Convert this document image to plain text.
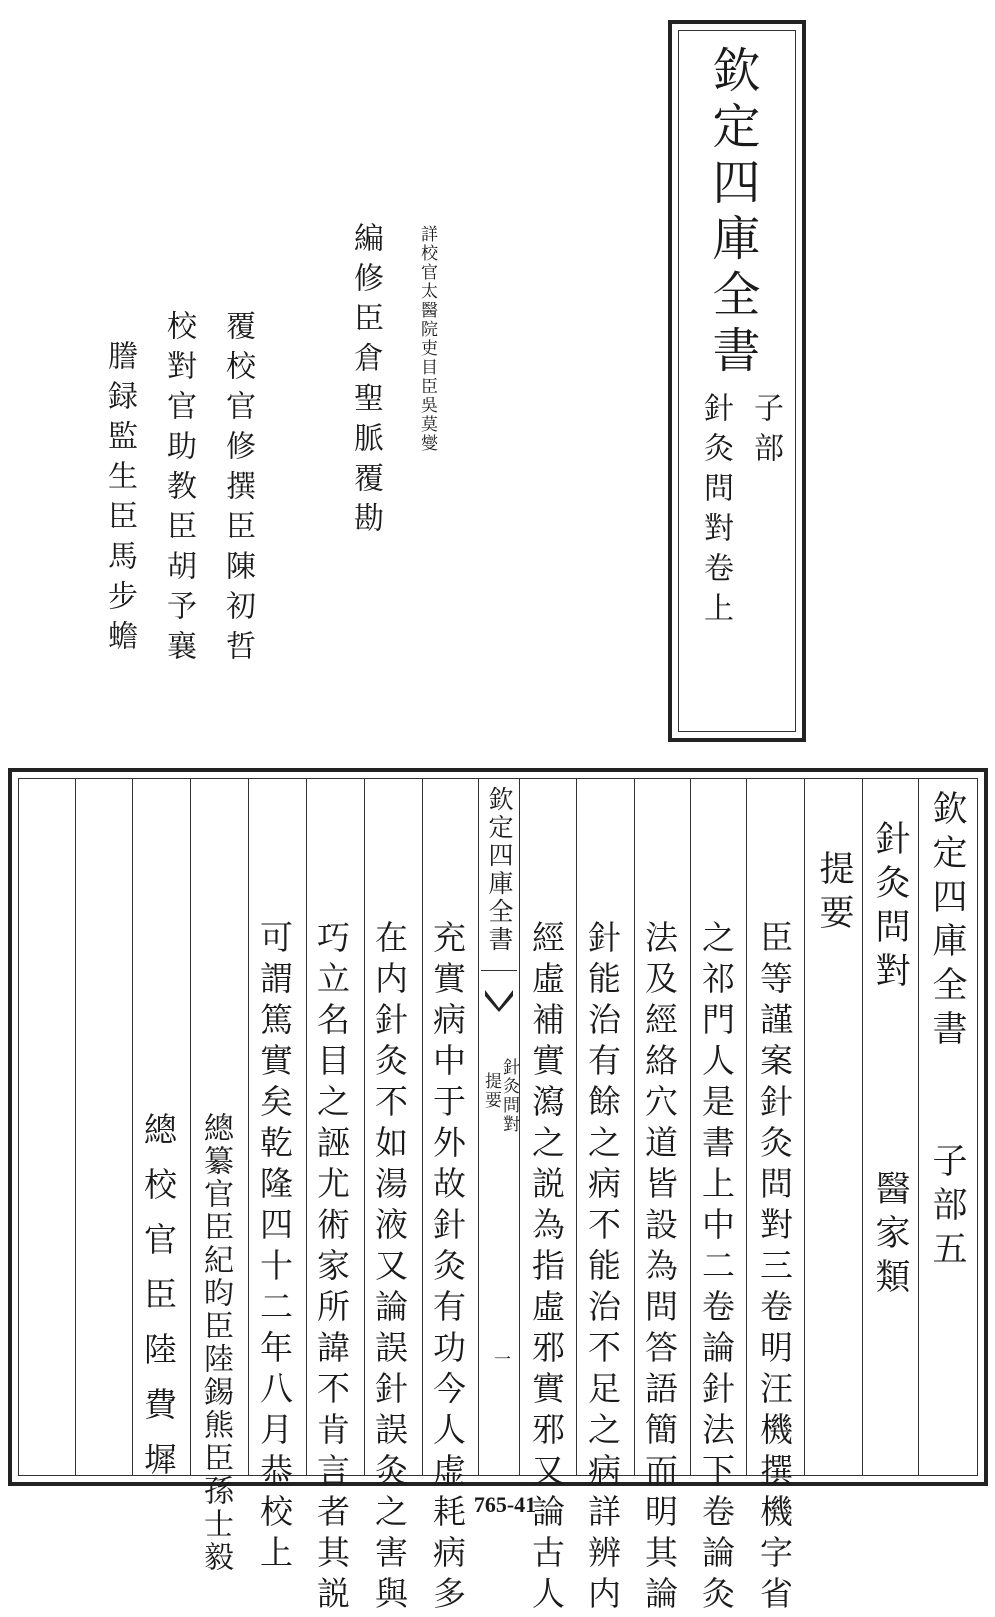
欽定四庫全書
子部
針灸問對卷上
詳校官太醫院吏目臣吳莫燮
編修臣倉聖脈覆勘
覆校官修撰臣陳初哲
校對官助教臣胡予襄
謄録監生臣馬步蟾
欽定四庫全書
針灸問對
提要
一
欽定四庫全書
子部五
針灸問對
醫家類
提要
臣等謹案針灸問對三卷明汪機撰機字省
之祁門人是書上中二卷論針法下卷論灸
法及經絡穴道皆設為問答語簡而明其論
針能治有餘之病不能治不足之病詳辨内
經虛補實瀉之説為指虛邪實邪又論古人
充實病中于外故針灸有功今人虚耗病多
在内針灸不如湯液又論誤針誤灸之害與
巧立名目之誣尤術家所諱不肯言者其説
可謂篤實矣乾隆四十二年八月恭校上
總纂官臣紀昀臣陸錫熊臣孫士毅
總校官臣陸費墀
765-41
